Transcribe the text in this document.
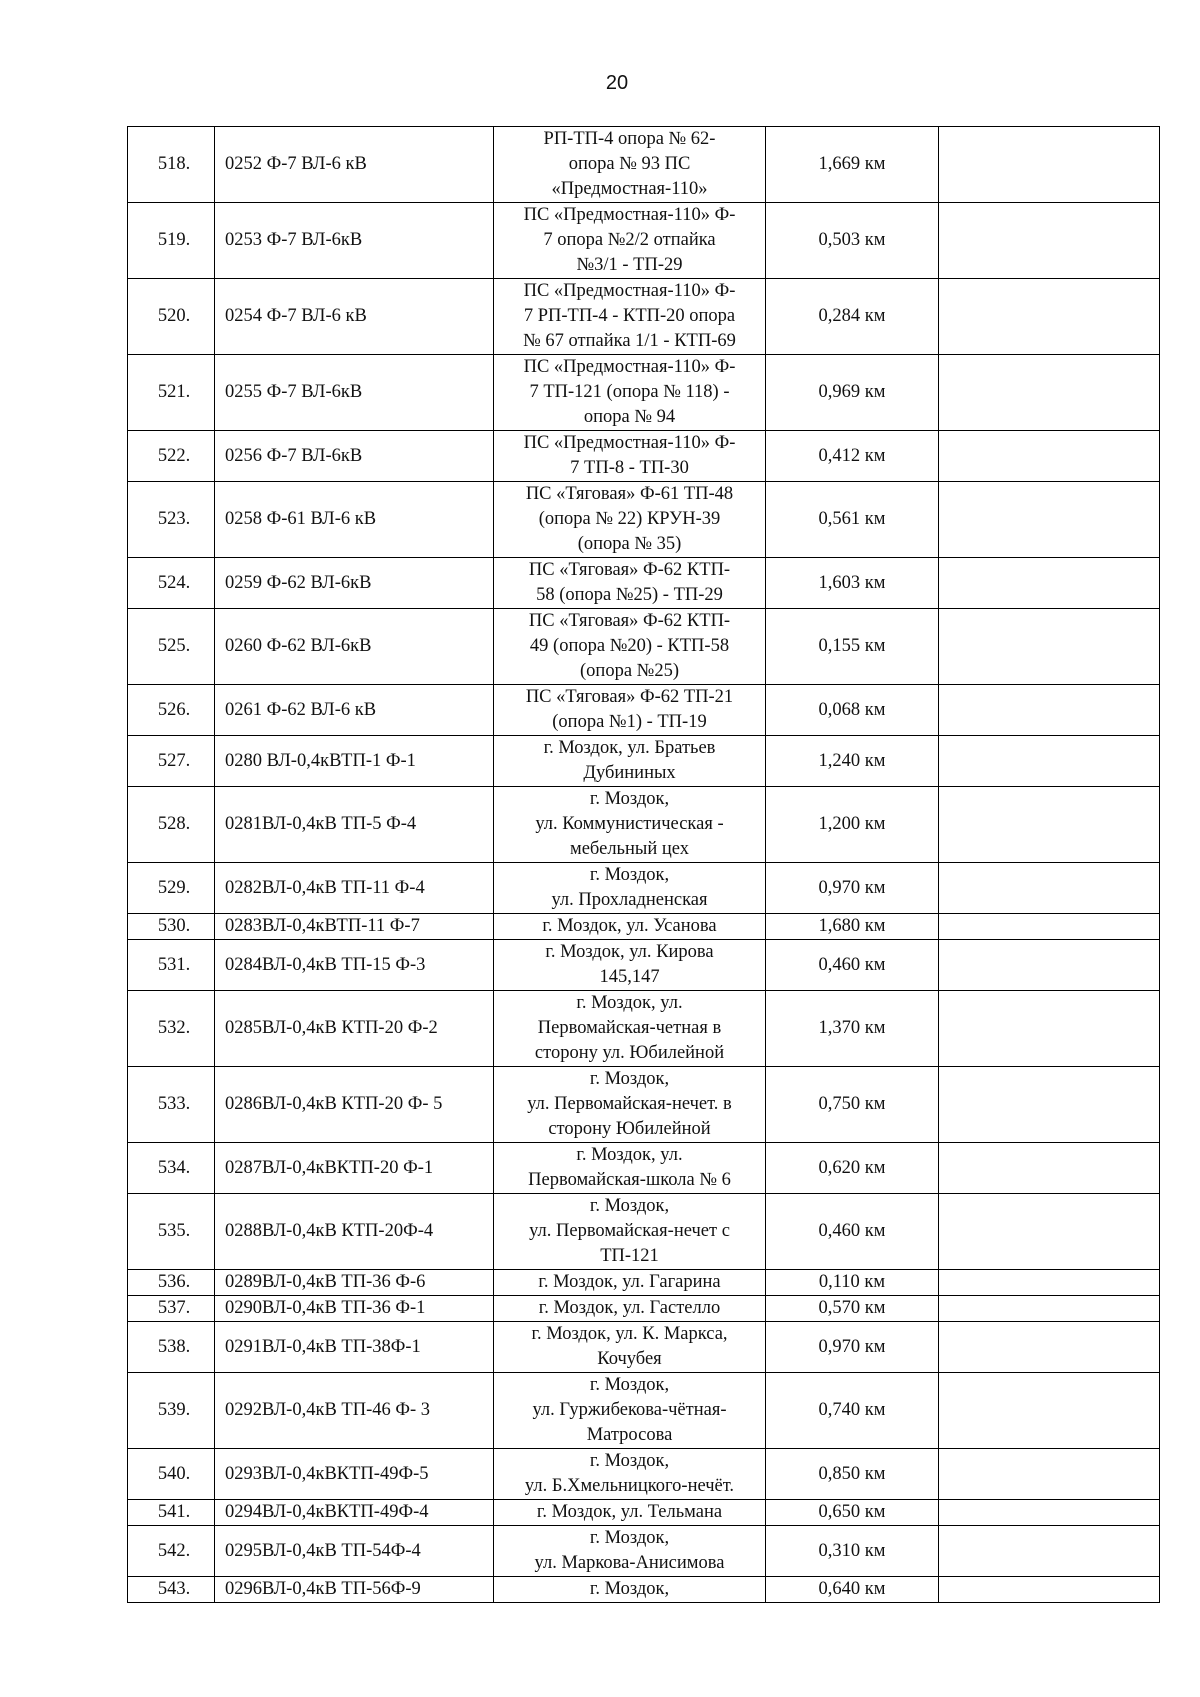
20
518.	0252 Ф-7 ВЛ-6 кВ	РП-ТП-4 опора № 62-
опора № 93 ПС
«Предмостная-110»	1,669 км	
519.	0253 Ф-7 ВЛ-6кВ	ПС «Предмостная-110» Ф-
7 опора №2/2 отпайка
№3/1 - ТП-29	0,503 км	
520.	0254 Ф-7 ВЛ-6 кВ	ПС «Предмостная-110» Ф-
7 РП-ТП-4 - КТП-20 опора
№ 67 отпайка 1/1 - КТП-69	0,284 км	
521.	0255 Ф-7 ВЛ-6кВ	ПС «Предмостная-110» Ф-
7 ТП-121 (опора № 118) -
опора № 94	0,969 км	
522.	0256 Ф-7 ВЛ-6кВ	ПС «Предмостная-110» Ф-
7 ТП-8 - ТП-30	0,412 км	
523.	0258 Ф-61 ВЛ-6 кВ	ПС «Тяговая» Ф-61 ТП-48
(опора № 22) КРУН-39
(опора № 35)	0,561 км	
524.	0259 Ф-62 ВЛ-6кВ	ПС «Тяговая» Ф-62 КТП-
58 (опора №25) - ТП-29	1,603 км	
525.	0260 Ф-62 ВЛ-6кВ	ПС «Тяговая» Ф-62 КТП-
49 (опора №20) - КТП-58
(опора №25)	0,155 км	
526.	0261 Ф-62 ВЛ-6 кВ	ПС «Тяговая» Ф-62 ТП-21
(опора №1) - ТП-19	0,068 км	
527.	0280 ВЛ-0,4кВТП-1 Ф-1	г. Моздок, ул. Братьев
Дубининых	1,240 км	
528.	0281ВЛ-0,4кВ ТП-5 Ф-4	г. Моздок,
ул. Коммунистическая -
мебельный цех	1,200 км	
529.	0282ВЛ-0,4кВ ТП-11 Ф-4	г. Моздок,
ул. Прохладненская	0,970 км	
530.	0283ВЛ-0,4кВТП-11 Ф-7	г. Моздок, ул. Усанова	1,680 км	
531.	0284ВЛ-0,4кВ ТП-15 Ф-3	г. Моздок, ул. Кирова
145,147	0,460 км	
532.	0285ВЛ-0,4кВ КТП-20 Ф-2	г. Моздок, ул.
Первомайская-четная в
сторону ул. Юбилейной	1,370 км	
533.	0286ВЛ-0,4кВ КТП-20 Ф- 5	г. Моздок,
ул. Первомайская-нечет. в
сторону Юбилейной	0,750 км	
534.	0287ВЛ-0,4кВКТП-20 Ф-1	г. Моздок, ул.
Первомайская-школа № 6	0,620 км	
535.	0288ВЛ-0,4кВ КТП-20Ф-4	г. Моздок,
ул. Первомайская-нечет с
ТП-121	0,460 км	
536.	0289ВЛ-0,4кВ ТП-36 Ф-6	г. Моздок, ул. Гагарина	0,110 км	
537.	0290ВЛ-0,4кВ ТП-36 Ф-1	г. Моздок, ул. Гастелло	0,570 км	
538.	0291ВЛ-0,4кВ ТП-38Ф-1	г. Моздок, ул. К. Маркса,
Кочубея	0,970 км	
539.	0292ВЛ-0,4кВ ТП-46 Ф- 3	г. Моздок,
ул. Гуржибекова-чётная-
Матросова	0,740 км	
540.	0293ВЛ-0,4кВКТП-49Ф-5	г. Моздок,
ул. Б.Хмельницкого-нечёт.	0,850 км	
541.	0294ВЛ-0,4кВКТП-49Ф-4	г. Моздок, ул. Тельмана	0,650 км	
542.	0295ВЛ-0,4кВ ТП-54Ф-4	г. Моздок,
ул. Маркова-Анисимова	0,310 км	
543.	0296ВЛ-0,4кВ ТП-56Ф-9	г. Моздок,	0,640 км	
